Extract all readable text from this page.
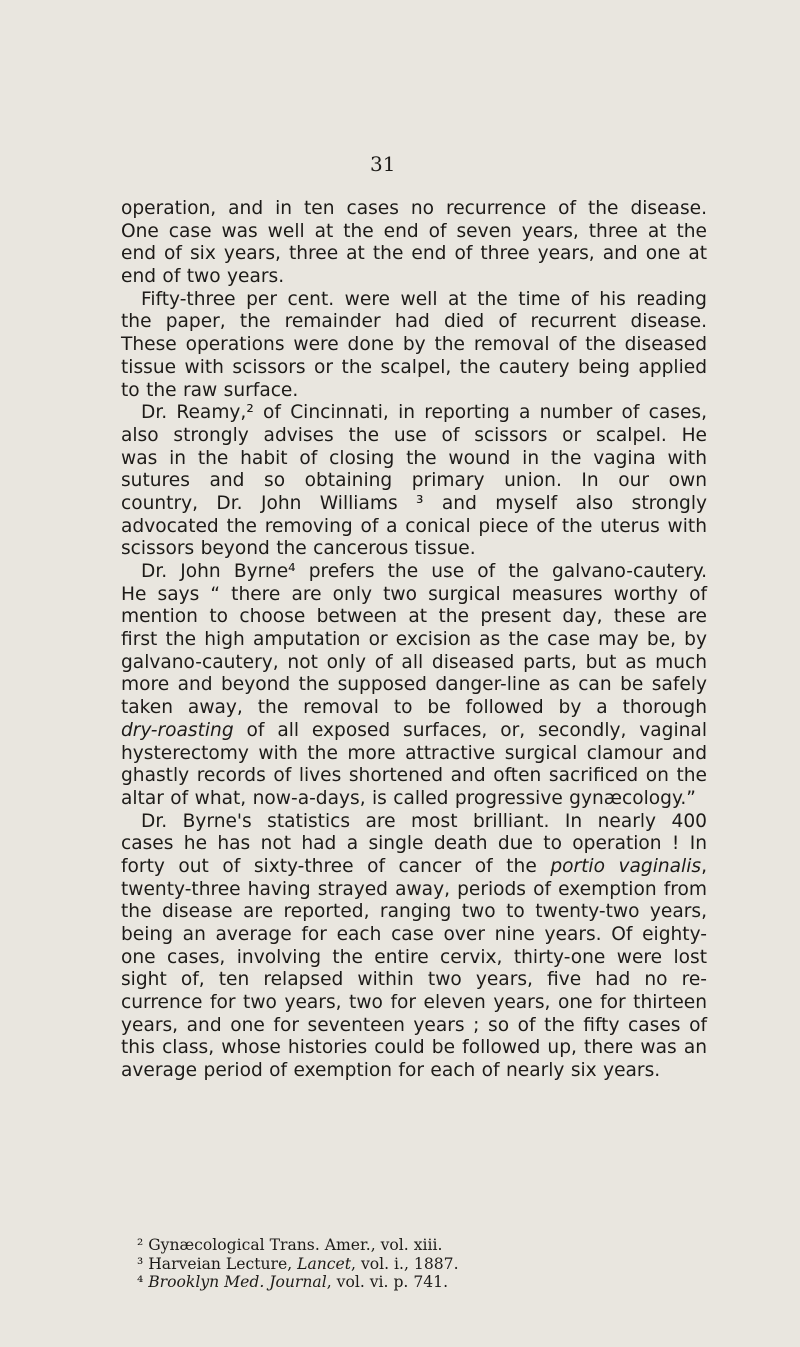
31
operation, and in ten cases no recurrence of the disease.
One case was well at the end of seven years, three at the
end of six years, three at the end of three years, and one at
end of two years.
Fifty-three per cent. were well at the time of his reading
the paper, the remainder had died of recurrent disease.
These operations were done by the removal of the diseased
tissue with scissors or the scalpel, the cautery being applied
to the raw surface.
Dr. Reamy,² of Cincinnati, in reporting a number of cases,
also strongly advises the use of scissors or scalpel. He
was in the habit of closing the wound in the vagina with
sutures and so obtaining primary union. In our own
country, Dr. John Williams ³ and myself also strongly
advocated the removing of a conical piece of the uterus with
scissors beyond the cancerous tissue.
Dr. John Byrne⁴ prefers the use of the galvano-cautery.
He says “ there are only two surgical measures worthy of
mention to choose between at the present day, these are
first the high amputation or excision as the case may be, by
galvano-cautery, not only of all diseased parts, but as much
more and beyond the supposed danger-line as can be safely
taken away, the removal to be followed by a thorough
dry-roasting of all exposed surfaces, or, secondly, vaginal
hysterectomy with the more attractive surgical clamour and
ghastly records of lives shortened and often sacrificed on the
altar of what, now-a-days, is called progressive gynæcology.”
Dr. Byrne's statistics are most brilliant. In nearly 400
cases he has not had a single death due to operation ! In
forty out of sixty-three of cancer of the portio vaginalis,
twenty-three having strayed away, periods of exemption from
the disease are reported, ranging two to twenty-two years,
being an average for each case over nine years. Of eighty-
one cases, involving the entire cervix, thirty-one were lost
sight of, ten relapsed within two years, five had no re-
currence for two years, two for eleven years, one for thirteen
years, and one for seventeen years ; so of the fifty cases of
this class, whose histories could be followed up, there was an
average period of exemption for each of nearly six years.
² Gynæcological Trans. Amer., vol. xiii.
³ Harveian Lecture, Lancet, vol. i., 1887.
⁴ Brooklyn Med. Journal, vol. vi. p. 741.
